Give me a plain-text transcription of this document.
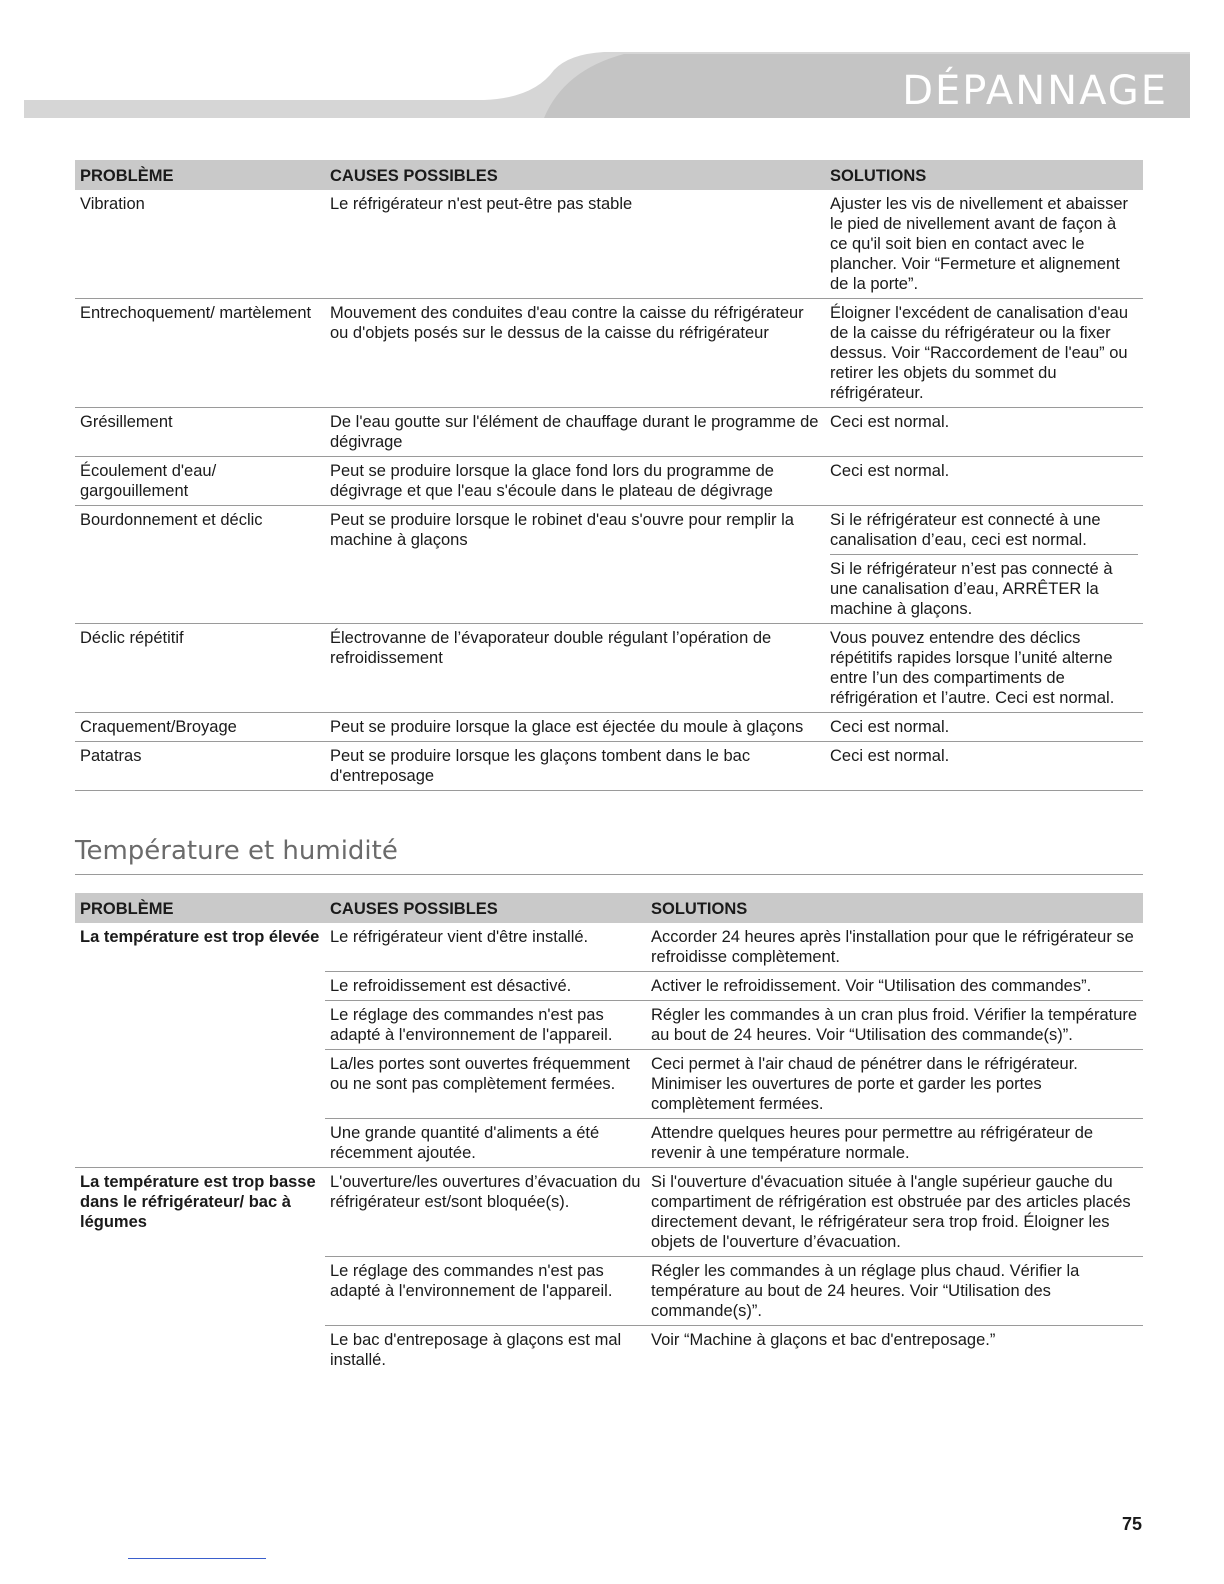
DÉPANNAGE
PROBLÈME	CAUSES POSSIBLES	SOLUTIONS
Vibration	Le réfrigérateur n'est peut-être pas stable	Ajuster les vis de nivellement et abaisser le pied de nivellement avant de façon à ce qu'il soit bien en contact avec le plancher. Voir “Fermeture et alignement de la porte”.
Entrechoquement/ martèlement	Mouvement des conduites d'eau contre la caisse du réfrigérateur ou d'objets posés sur le dessus de la caisse du réfrigérateur	Éloigner l'excédent de canalisation d'eau de la caisse du réfrigérateur ou la fixer dessus. Voir “Raccordement de l'eau” ou retirer les objets du sommet du réfrigérateur.
Grésillement	De l'eau goutte sur l'élément de chauffage durant le programme de dégivrage	Ceci est normal.
Écoulement d'eau/ gargouillement	Peut se produire lorsque la glace fond lors du programme de dégivrage et que l'eau s'écoule dans le plateau de dégivrage	Ceci est normal.
Bourdonnement et déclic	Peut se produire lorsque le robinet d'eau s'ouvre pour remplir la machine à glaçons	Si le réfrigérateur est connecté à une canalisation d’eau, ceci est normal.
Si le réfrigérateur n’est pas connecté à une canalisation d’eau, ARRÊTER la machine à glaçons.

Déclic répétitif	Électrovanne de l’évaporateur double régulant l’opération de refroidissement	Vous pouvez entendre des déclics répétitifs rapides lorsque l’unité alterne entre l’un des compartiments de réfrigération et l’autre. Ceci est normal.
Craquement/Broyage	Peut se produire lorsque la glace est éjectée du moule à glaçons	Ceci est normal.
Patatras	Peut se produire lorsque les glaçons tombent dans le bac d'entreposage	Ceci est normal.
Température et humidité
PROBLÈME	CAUSES POSSIBLES	SOLUTIONS
La température est trop élevée	Le réfrigérateur vient d'être installé.	Accorder 24 heures après l'installation pour que le réfrigérateur se refroidisse complètement.
	Le refroidissement est désactivé.	Activer le refroidissement. Voir “Utilisation des commandes”.
	Le réglage des commandes n'est pas adapté à l'environnement de l'appareil.	Régler les commandes à un cran plus froid. Vérifier la température au bout de 24 heures. Voir “Utilisation des commande(s)”.
	La/les portes sont ouvertes fréquemment ou ne sont pas complètement fermées.	Ceci permet à l'air chaud de pénétrer dans le réfrigérateur. Minimiser les ouvertures de porte et garder les portes complètement fermées.
	Une grande quantité d'aliments a été récemment ajoutée.	Attendre quelques heures pour permettre au réfrigérateur de revenir à une température normale.
La température est trop basse dans le réfrigérateur/ bac à légumes	L'ouverture/les ouvertures d’évacuation du réfrigérateur est/sont bloquée(s).	Si l'ouverture d'évacuation située à l'angle supérieur gauche du compartiment de réfrigération est obstruée par des articles placés directement devant, le réfrigérateur sera trop froid. Éloigner les objets de l'ouverture d’évacuation.
	Le réglage des commandes n'est pas adapté à l'environnement de l'appareil.	Régler les commandes à un réglage plus chaud. Vérifier la température au bout de 24 heures. Voir “Utilisation des commande(s)”.
	Le bac d'entreposage à glaçons est mal installé.	Voir “Machine à glaçons et bac d'entreposage.”
75
